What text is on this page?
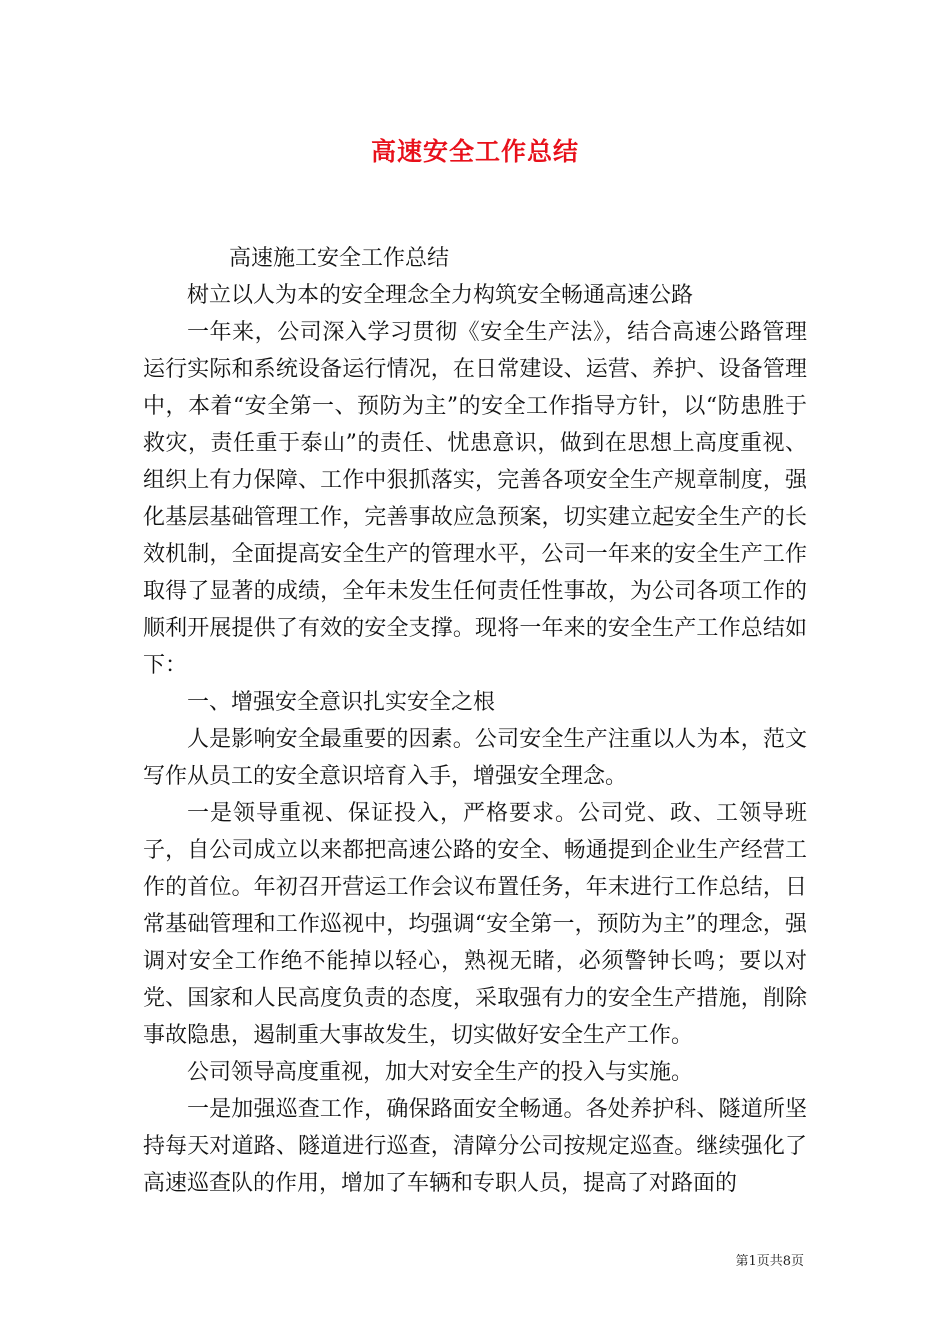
高速安全工作总结

高速施工安全工作总结

树立以人为本的安全理念全力构筑安全畅通高速公路

一年来，公司深入学习贯彻《安全生产法》，结合高速公路管理运行实际和系统设备运行情况，在日常建设、运营、养护、设备管理中，本着“安全第一、预防为主”的安全工作指导方针，以“防患胜于救灾，责任重于泰山”的责任、忧患意识，做到在思想上高度重视、组织上有力保障、工作中狠抓落实，完善各项安全生产规章制度，强化基层基础管理工作，完善事故应急预案，切实建立起安全生产的长效机制，全面提高安全生产的管理水平，公司一年来的安全生产工作取得了显著的成绩，全年未发生任何责任性事故，为公司各项工作的顺利开展提供了有效的安全支撑。现将一年来的安全生产工作总结如下：

一、增强安全意识扎实安全之根

人是影响安全最重要的因素。公司安全生产注重以人为本，范文写作从员工的安全意识培育入手，增强安全理念。

一是领导重视、保证投入，严格要求。公司党、政、工领导班子，自公司成立以来都把高速公路的安全、畅通提到企业生产经营工作的首位。年初召开营运工作会议布置任务，年末进行工作总结，日常基础管理和工作巡视中，均强调“安全第一，预防为主”的理念，强调对安全工作绝不能掉以轻心，熟视无睹，必须警钟长鸣；要以对党、国家和人民高度负责的态度，采取强有力的安全生产措施，削除事故隐患，遏制重大事故发生，切实做好安全生产工作。

公司领导高度重视，加大对安全生产的投入与实施。

一是加强巡查工作，确保路面安全畅通。各处养护科、隧道所坚持每天对道路、隧道进行巡查，清障分公司按规定巡查。继续强化了高速巡查队的作用，增加了车辆和专职人员，提高了对路面的

第1页共8页
